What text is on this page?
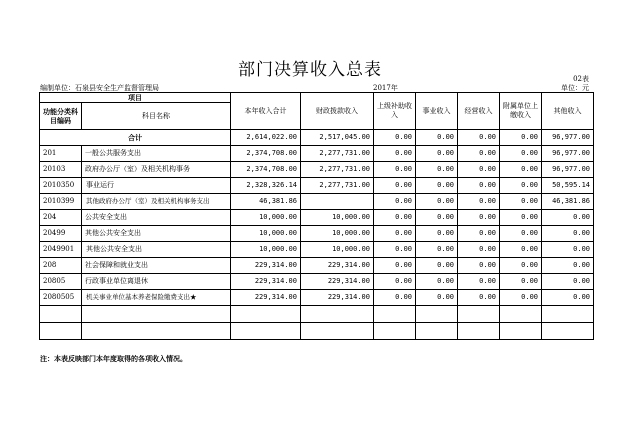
部门决算收入总表	02表
编制单位：石泉县安全生产监督管理局	2017年	单位：元
项目		本年收入合计	财政拨款收入	上级补助收入	事业收入	经营收入	附属单位上缴收入	其他收入
功能分类科目编码	科目名称							
合计		2,614,022.00	2,517,045.00	0.00	0.00	0.00	0.00	96,977.00
201	一般公共服务支出	2,374,708.00	2,277,731.00	0.00	0.00	0.00	0.00	96,977.00
20103	政府办公厅（室）及相关机构事务	2,374,708.00	2,277,731.00	0.00	0.00	0.00	0.00	96,977.00
2010350	事业运行	2,328,326.14	2,277,731.00	0.00	0.00	0.00	0.00	50,595.14
2010399	其他政府办公厅（室）及相关机构事务支出	46,381.86		0.00	0.00	0.00	0.00	46,381.86
204	公共安全支出	10,000.00	10,000.00	0.00	0.00	0.00	0.00	0.00
20499	其他公共安全支出	10,000.00	10,000.00	0.00	0.00	0.00	0.00	0.00
2049901	其他公共安全支出	10,000.00	10,000.00	0.00	0.00	0.00	0.00	0.00
208	社会保障和就业支出	229,314.00	229,314.00	0.00	0.00	0.00	0.00	0.00
20805	行政事业单位离退休	229,314.00	229,314.00	0.00	0.00	0.00	0.00	0.00
2080505	机关事业单位基本养老保险缴费支出★	229,314.00	229,314.00	0.00	0.00	0.00	0.00	0.00

注：本表反映部门本年度取得的各项收入情况。
